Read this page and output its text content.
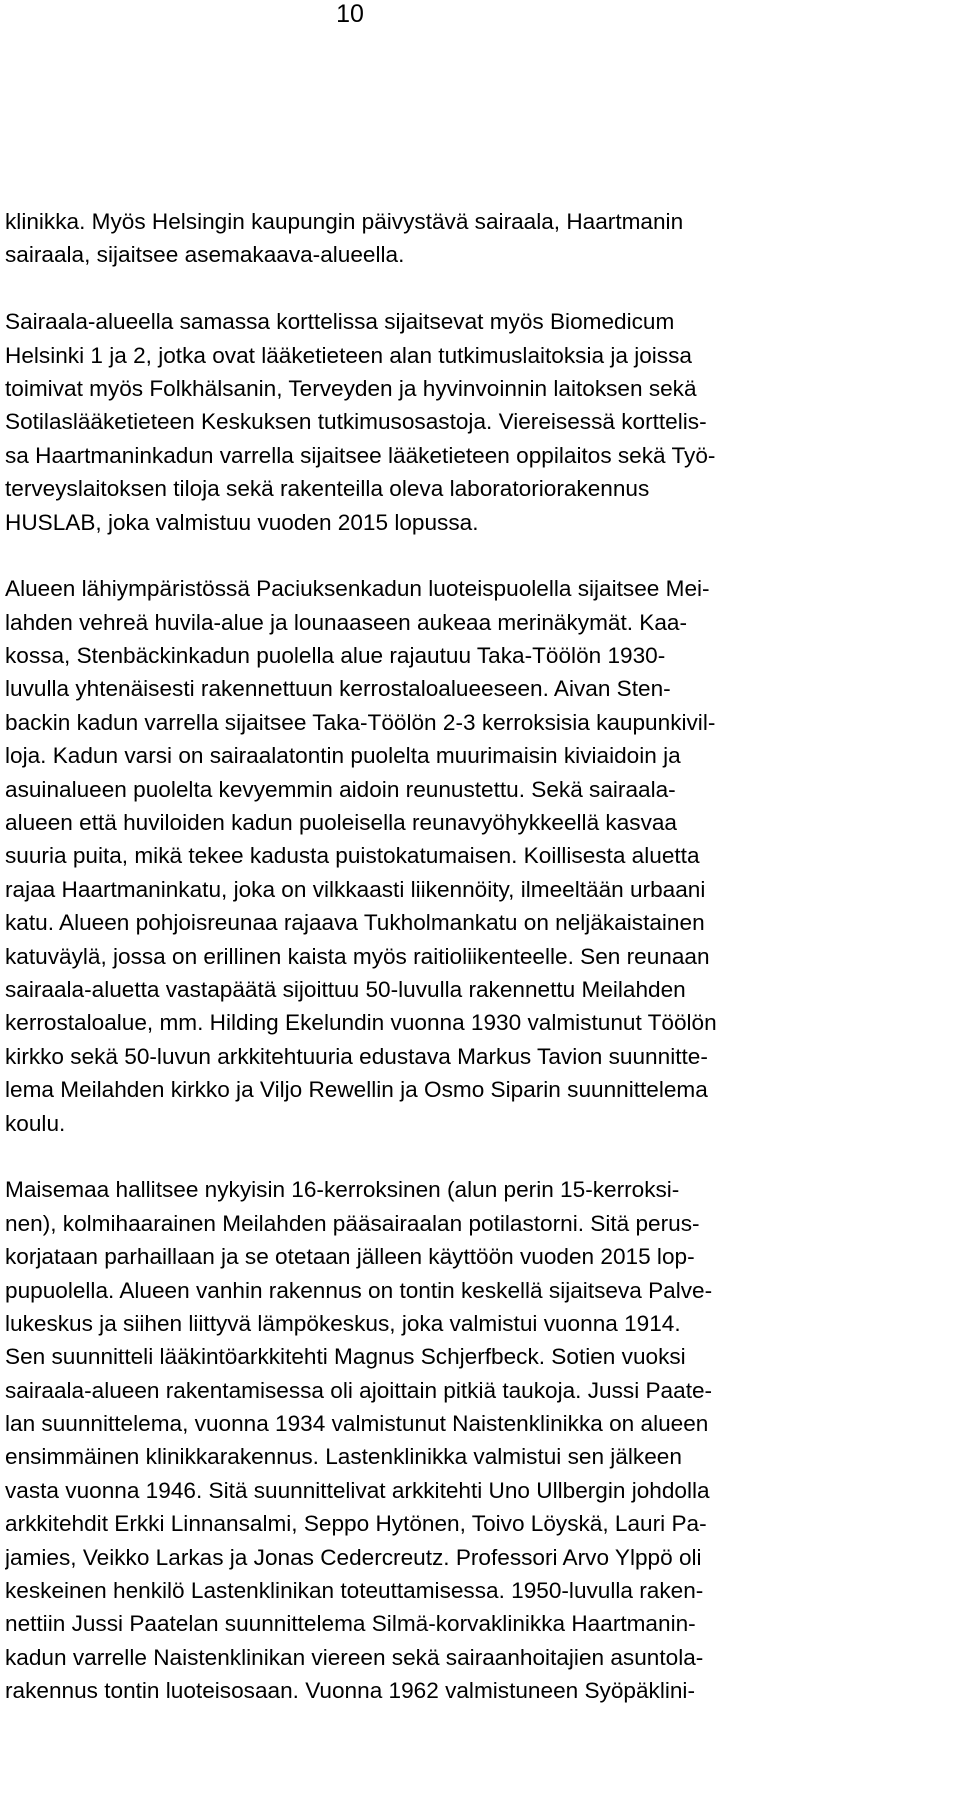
10
klinikka. Myös Helsingin kaupungin päivystävä sairaala, Haartmanin
sairaala, sijaitsee asemakaava-alueella.
Sairaala-alueella samassa korttelissa sijaitsevat myös Biomedicum
Helsinki 1 ja 2, jotka ovat lääketieteen alan tutkimuslaitoksia ja joissa
toimivat myös Folkhälsanin, Terveyden ja hyvinvoinnin laitoksen sekä
Sotilaslääketieteen Keskuksen tutkimusosastoja. Viereisessä korttelis-
sa Haartmaninkadun varrella sijaitsee lääketieteen oppilaitos sekä Työ-
terveyslaitoksen tiloja sekä rakenteilla oleva laboratoriorakennus
HUSLAB, joka valmistuu vuoden 2015 lopussa.
Alueen lähiympäristössä Paciuksenkadun luoteispuolella sijaitsee Mei-
lahden vehreä huvila-alue ja lounaaseen aukeaa merinäkymät. Kaa-
kossa, Stenbäckinkadun puolella alue rajautuu Taka-Töölön 1930-
luvulla yhtenäisesti rakennettuun kerrostaloalueeseen. Aivan Sten-
backin kadun varrella sijaitsee Taka-Töölön 2-3 kerroksisia kaupunkivil-
loja. Kadun varsi on sairaalatontin puolelta muurimaisin kiviaidoin ja
asuinalueen puolelta kevyemmin aidoin reunustettu. Sekä sairaala-
alueen että huviloiden kadun puoleisella reunavyöhykkeellä kasvaa
suuria puita, mikä tekee kadusta puistokatumaisen. Koillisesta aluetta
rajaa Haartmaninkatu, joka on vilkkaasti liikennöity, ilmeeltään urbaani
katu. Alueen pohjoisreunaa rajaava Tukholmankatu on neljäkaistainen
katuväylä, jossa on erillinen kaista myös raitioliikenteelle. Sen reunaan
sairaala-aluetta vastapäätä sijoittuu 50-luvulla rakennettu Meilahden
kerrostaloalue, mm. Hilding Ekelundin vuonna 1930 valmistunut Töölön
kirkko sekä 50-luvun arkkitehtuuria edustava Markus Tavion suunnitte-
lema Meilahden kirkko ja Viljo Rewellin ja Osmo Siparin suunnittelema
koulu.
Maisemaa hallitsee nykyisin 16-kerroksinen (alun perin 15-kerroksi-
nen), kolmihaarainen Meilahden pääsairaalan potilastorni. Sitä perus-
korjataan parhaillaan ja se otetaan jälleen käyttöön vuoden 2015 lop-
pupuolella. Alueen vanhin rakennus on tontin keskellä sijaitseva Palve-
lukeskus ja siihen liittyvä lämpökeskus, joka valmistui vuonna 1914.
Sen suunnitteli lääkintöarkkitehti Magnus Schjerfbeck. Sotien vuoksi
sairaala-alueen rakentamisessa oli ajoittain pitkiä taukoja. Jussi Paate-
lan suunnittelema, vuonna 1934 valmistunut Naistenklinikka on alueen
ensimmäinen klinikkarakennus. Lastenklinikka valmistui sen jälkeen
vasta vuonna 1946. Sitä suunnittelivat arkkitehti Uno Ullbergin johdolla
arkkitehdit Erkki Linnansalmi, Seppo Hytönen, Toivo Löyskä, Lauri Pa-
jamies, Veikko Larkas ja Jonas Cedercreutz. Professori Arvo Ylppö oli
keskeinen henkilö Lastenklinikan toteuttamisessa. 1950-luvulla raken-
nettiin Jussi Paatelan suunnittelema Silmä-korvaklinikka Haartmanin-
kadun varrelle Naistenklinikan viereen sekä sairaanhoitajien asuntola-
rakennus tontin luoteisosaan. Vuonna 1962 valmistuneen Syöpäklini-
